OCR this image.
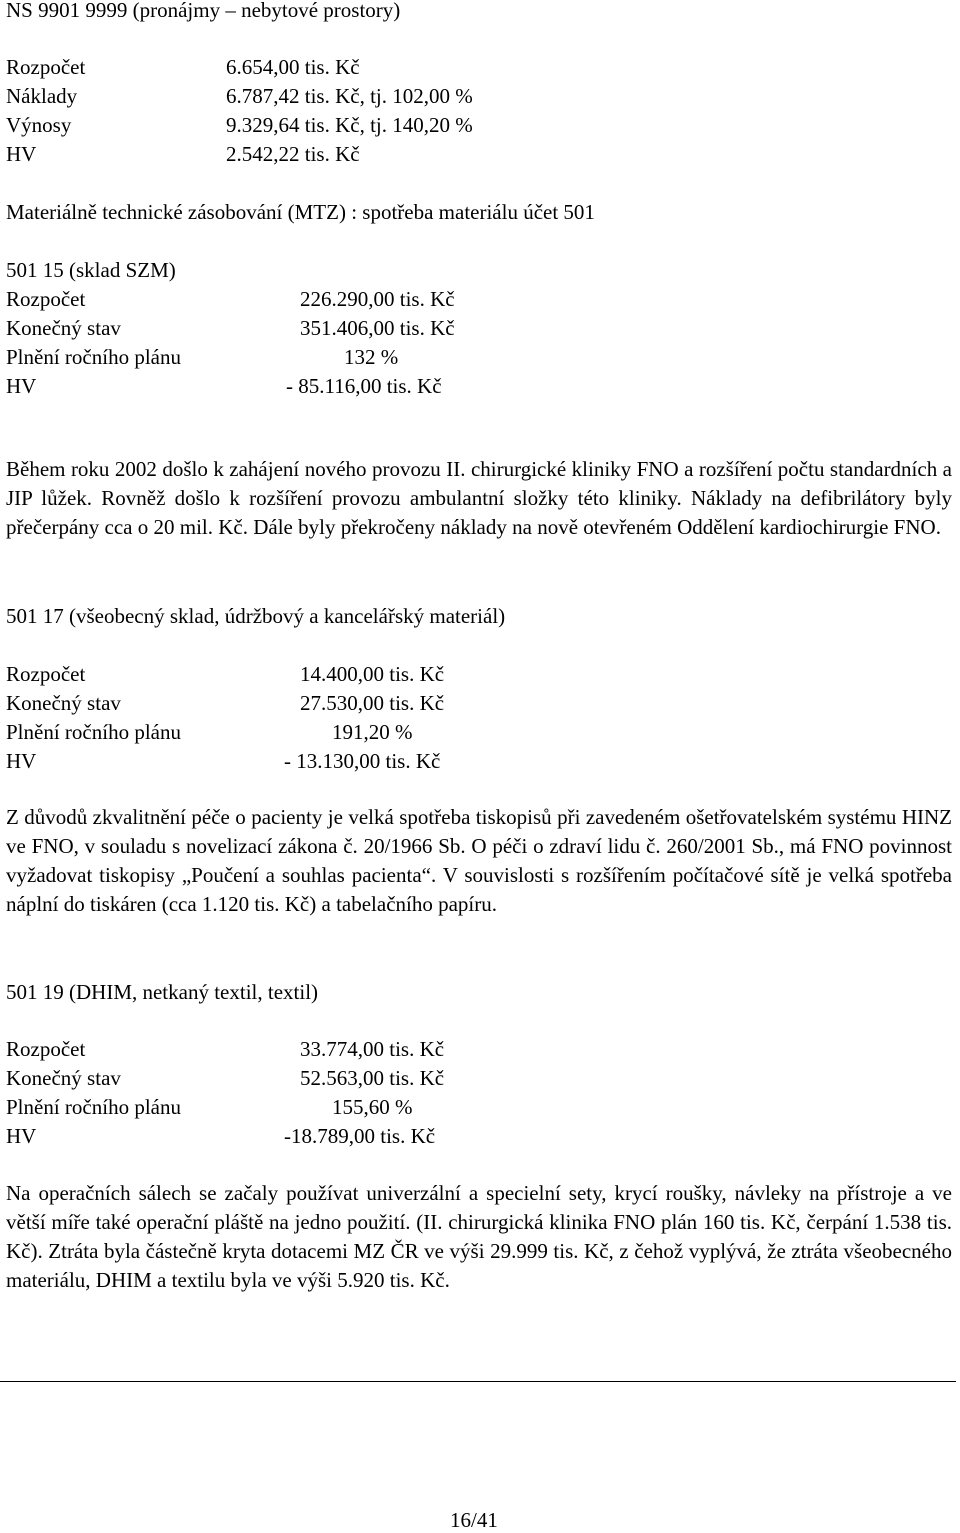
NS 9901 9999 (pronájmy – nebytové prostory)
Rozpočet	6.654,00 tis. Kč
Náklady	6.787,42 tis. Kč, tj. 102,00 %
Výnosy	9.329,64 tis. Kč, tj. 140,20 %
HV	2.542,22 tis. Kč
Materiálně technické zásobování (MTZ) : spotřeba materiálu účet 501
501 15 (sklad SZM)
Rozpočet	226.290,00 tis. Kč
Konečný stav	351.406,00 tis. Kč
Plnění ročního plánu	132 %
HV	- 85.116,00 tis. Kč

Během roku 2002 došlo k zahájení nového provozu II. chirurgické kliniky FNO a rozšíření počtu standardních a JIP lůžek. Rovněž došlo k rozšíření provozu ambulantní složky této kliniky. Náklady na defibrilátory byly přečerpány cca o 20 mil. Kč. Dále byly překročeny náklady na nově otevřeném Oddělení kardiochirurgie FNO.

501 17 (všeobecný sklad, údržbový a kancelářský materiál)
Rozpočet	14.400,00 tis. Kč
Konečný stav	27.530,00 tis. Kč
Plnění ročního plánu	191,20 %
HV	- 13.130,00 tis. Kč

Z důvodů zkvalitnění péče o pacienty je velká spotřeba tiskopisů při zavedeném ošetřovatelském systému HINZ ve FNO, v souladu s novelizací zákona č. 20/1966 Sb. O péči o zdraví lidu č. 260/2001 Sb., má FNO povinnost vyžadovat tiskopisy „Poučení a souhlas pacienta“. V souvislosti s rozšířením počítačové sítě je velká spotřeba náplní do tiskáren (cca 1.120 tis. Kč) a tabelačního papíru.

501 19 (DHIM, netkaný textil, textil)
Rozpočet	33.774,00 tis. Kč
Konečný stav	52.563,00 tis. Kč
Plnění ročního plánu	155,60 %
HV	-18.789,00 tis. Kč

Na operačních sálech se začaly používat univerzální a specielní sety, krycí roušky, návleky na přístroje a ve větší míře také operační pláště na jedno použití. (II. chirurgická klinika FNO plán 160 tis. Kč, čerpání 1.538 tis. Kč). Ztráta byla částečně kryta dotacemi MZ ČR ve výši 29.999 tis. Kč, z čehož vyplývá, že ztráta všeobecného materiálu, DHIM a textilu byla ve výši 5.920 tis. Kč.

16/41
